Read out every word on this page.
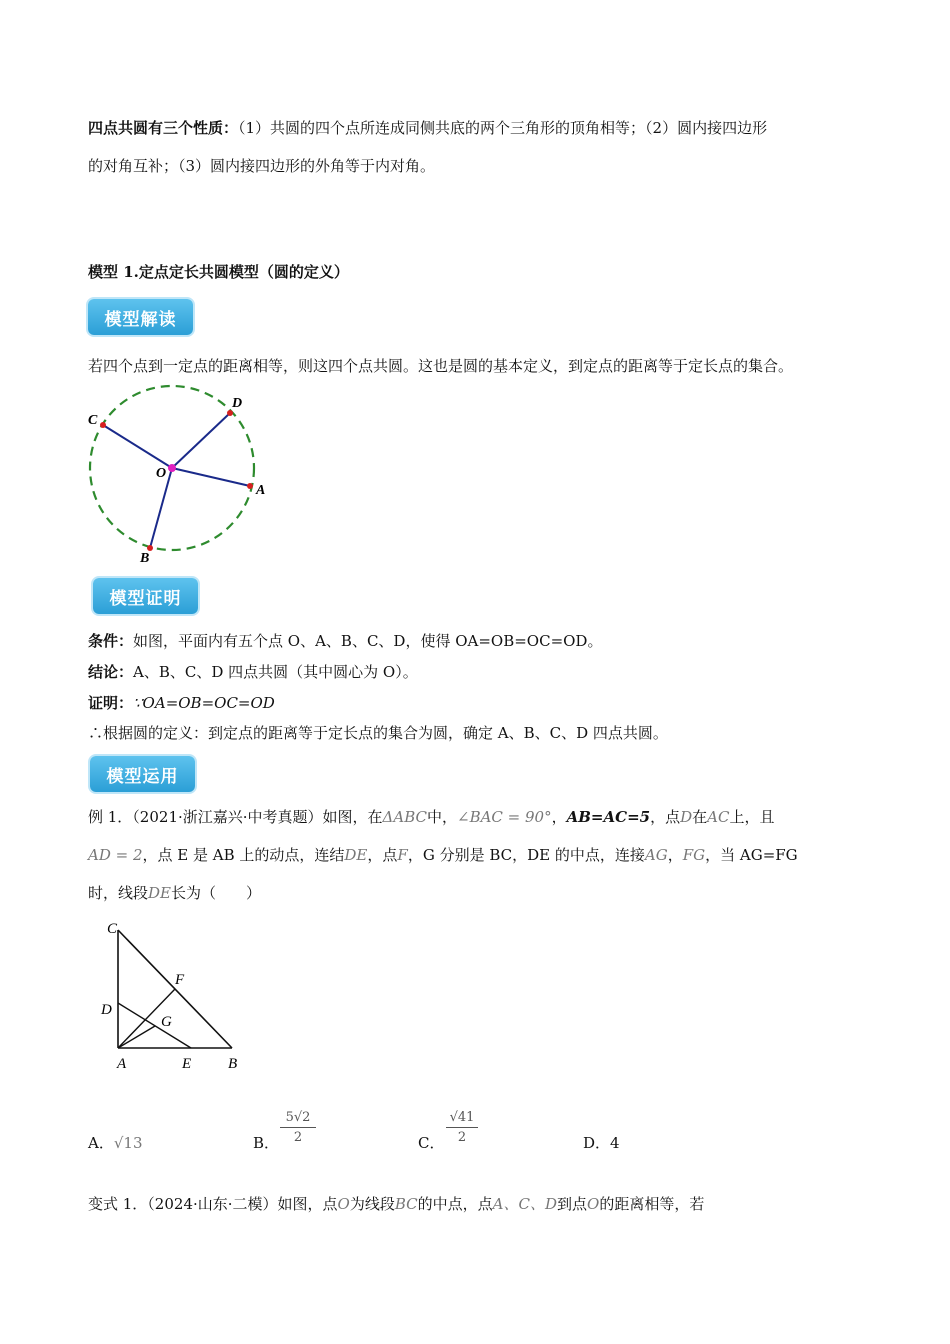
四点共圆有三个性质：（1）共圆的四个点所连成同侧共底的两个三角形的顶角相等；（2）圆内接四边形
的对角互补；（3）圆内接四边形的外角等于内对角。
模型 1.定点定长共圆模型（圆的定义）
模型解读
若四个点到一定点的距离相等，则这四个点共圆。这也是圆的基本定义，到定点的距离等于定长点的集合。
C
D
O
A
B
模型证明
条件：如图，平面内有五个点 O、A、B、C、D，使得 OA=OB=OC=OD。
结论：A、B、C、D 四点共圆（其中圆心为 O）。
证明：∵OA=OB=OC=OD
∴根据圆的定义：到定点的距离等于定长点的集合为圆，确定 A、B、C、D 四点共圆。
模型运用
例 1．（2021·浙江嘉兴·中考真题）如图，在ΔABC中，∠BAC = 90°，AB=AC=5，点D在AC上，且
AD = 2，点 E 是 AB 上的动点，连结DE，点F，G 分别是 BC，DE 的中点，连接AG，FG，当 AG=FG
时，线段DE长为（　　）
C
F
D
G
A	E B
A．√13	B．
5√2
2	C．
√41
2	D．4
变式 1．（2024·山东·二模）如图，点O为线段BC的中点，点A、C、D到点O的距离相等，若
